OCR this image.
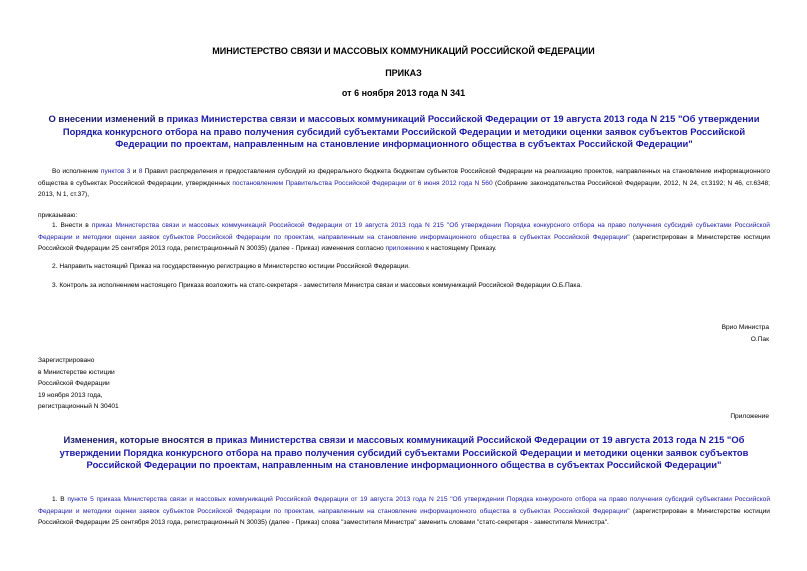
МИНИСТЕРСТВО СВЯЗИ И МАССОВЫХ КОММУНИКАЦИЙ РОССИЙСКОЙ ФЕДЕРАЦИИ
ПРИКАЗ
от 6 ноября 2013 года N 341
О внесении изменений в приказ Министерства связи и массовых коммуникаций Российской Федерации от 19 августа 2013 года N 215 "Об утверждении Порядка конкурсного отбора на право получения субсидий субъектами Российской Федерации и методики оценки заявок субъектов Российской Федерации по проектам, направленным на становление информационного общества в субъектах Российской Федерации"
Во исполнение пунктов 3 и 8 Правил распределения и предоставления субсидий из федерального бюджета бюджетам субъектов Российской Федерации на реализацию проектов, направленных на становление информационного общества в субъектах Российской Федерации, утвержденных постановлением Правительства Российской Федерации от 6 июня 2012 года N 560 (Собрание законодательства Российской Федерации, 2012, N 24, ст.3192; N 46, ст.6348; 2013, N 1, ст.37),
приказываю:
1. Внести в приказ Министерства связи и массовых коммуникаций Российской Федерации от 19 августа 2013 года N 215 "Об утверждении Порядка конкурсного отбора на право получения субсидий субъектами Российской Федерации и методики оценки заявок субъектов Российской Федерации по проектам, направленным на становление информационного общества в субъектах Российской Федерации" (зарегистрирован в Министерстве юстиции Российской Федерации 25 сентября 2013 года, регистрационный N 30035) (далее - Приказ) изменения согласно приложению к настоящему Приказу.
2. Направить настоящий Приказ на государственную регистрацию в Министерство юстиции Российской Федерации.
3. Контроль за исполнением настоящего Приказа возложить на статс-секретаря - заместителя Министра связи и массовых коммуникаций Российской Федерации О.Б.Пака.
Врио Министра
О.Пак
Зарегистрировано
в Министерстве юстиции
Российской Федерации
19 ноября 2013 года,
регистрационный N 30401
Приложение
Изменения, которые вносятся в приказ Министерства связи и массовых коммуникаций Российской Федерации от 19 августа 2013 года N 215 "Об утверждении Порядка конкурсного отбора на право получения субсидий субъектами Российской Федерации и методики оценки заявок субъектов Российской Федерации по проектам, направленным на становление информационного общества в субъектах Российской Федерации"
1. В пункте 5 приказа Министерства связи и массовых коммуникаций Российской Федерации от 19 августа 2013 года N 215 "Об утверждении Порядка конкурсного отбора на право получения субсидий субъектами Российской Федерации и методики оценки заявок субъектов Российской Федерации по проектам, направленным на становление информационного общества в субъектах Российской Федерации" (зарегистрирован в Министерстве юстиции Российской Федерации 25 сентября 2013 года, регистрационный N 30035) (далее - Приказ) слова "заместителя Министра" заменить словами "статс-секретаря - заместителя Министра".
